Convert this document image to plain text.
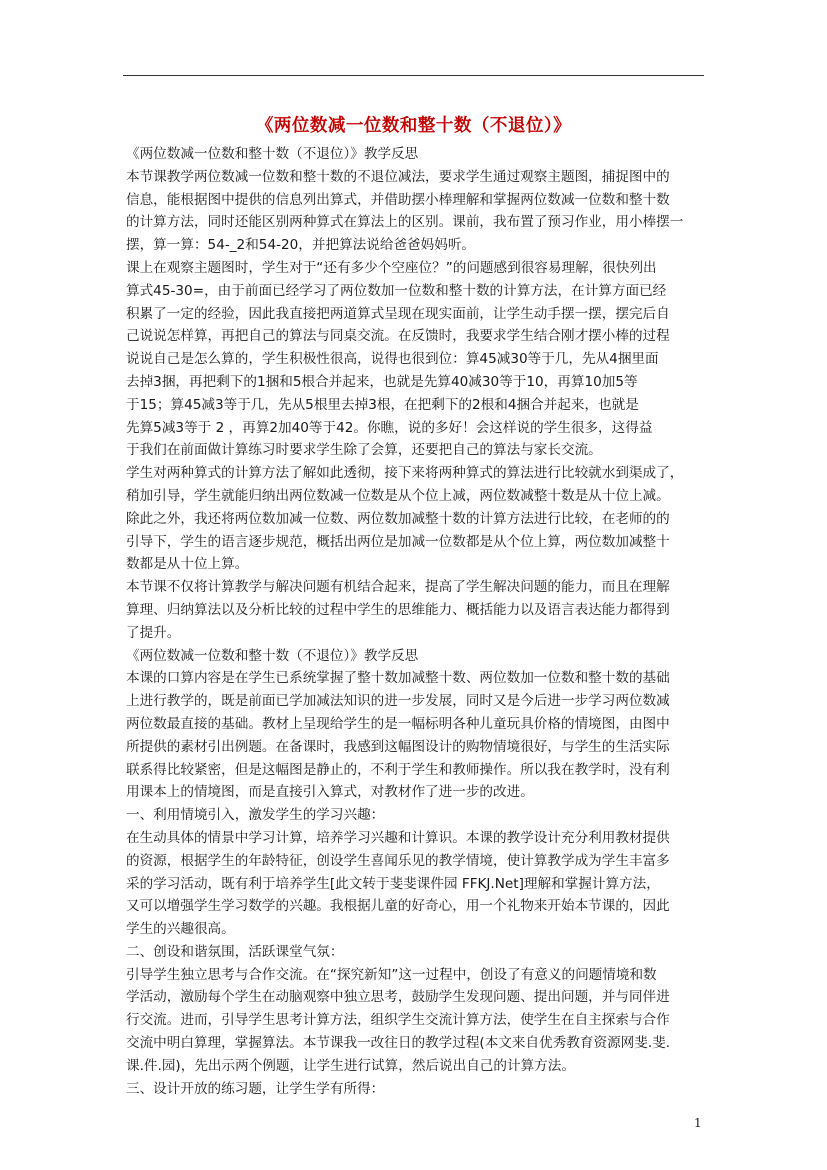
《两位数减一位数和整十数（不退位）》
《两位数减一位数和整十数（不退位）》教学反思
本节课教学两位数减一位数和整十数的不退位减法，要求学生通过观察主题图，捕捉图中的
信息，能根据图中提供的信息列出算式，并借助摆小棒理解和掌握两位数减一位数和整十数
的计算方法，同时还能区别两种算式在算法上的区别。课前，我布置了预习作业，用小棒摆一
摆，算一算：54-_2和54-20，并把算法说给爸爸妈妈听。
课上在观察主题图时，学生对于“还有多少个空座位？”的问题感到很容易理解，很快列出
算式45-30=，由于前面已经学习了两位数加一位数和整十数的计算方法，在计算方面已经
积累了一定的经验，因此我直接把两道算式呈现在现实面前，让学生动手摆一摆，摆完后自
己说说怎样算，再把自己的算法与同桌交流。在反馈时，我要求学生结合刚才摆小棒的过程
说说自己是怎么算的，学生积极性很高，说得也很到位：算45减30等于几，先从4捆里面
去掉3捆，再把剩下的1捆和5根合并起来，也就是先算40减30等于10，再算10加5等
于15；算45减3等于几，先从5根里去掉3根，在把剩下的2根和4捆合并起来，也就是
先算5减3等于 2 ，再算2加40等于42。你瞧，说的多好！会这样说的学生很多，这得益
于我们在前面做计算练习时要求学生除了会算，还要把自己的算法与家长交流。
学生对两种算式的计算方法了解如此透彻，接下来将两种算式的算法进行比较就水到渠成了，
稍加引导，学生就能归纳出两位数减一位数是从个位上减，两位数减整十数是从十位上减。
除此之外，我还将两位数加减一位数、两位数加减整十数的计算方法进行比较，在老师的的
引导下，学生的语言逐步规范，概括出两位是加减一位数都是从个位上算，两位数加减整十
数都是从十位上算。
本节课不仅将计算教学与解决问题有机结合起来，提高了学生解决问题的能力，而且在理解
算理、归纳算法以及分析比较的过程中学生的思维能力、概括能力以及语言表达能力都得到
了提升。
《两位数减一位数和整十数（不退位）》教学反思
本课的口算内容是在学生已系统掌握了整十数加减整十数、两位数加一位数和整十数的基础
上进行教学的，既是前面已学加减法知识的进一步发展，同时又是今后进一步学习两位数减
两位数最直接的基础。教材上呈现给学生的是一幅标明各种儿童玩具价格的情境图，由图中
所提供的素材引出例题。在备课时，我感到这幅图设计的购物情境很好，与学生的生活实际
联系得比较紧密，但是这幅图是静止的，不利于学生和教师操作。所以我在教学时，没有利
用课本上的情境图，而是直接引入算式，对教材作了进一步的改进。
一、利用情境引入，激发学生的学习兴趣：
在生动具体的情景中学习计算，培养学习兴趣和计算识。本课的教学设计充分利用教材提供
的资源，根据学生的年龄特征，创设学生喜闻乐见的教学情境，使计算教学成为学生丰富多
采的学习活动，既有利于培养学生[此文转于斐斐课件园 FFKJ.Net]理解和掌握计算方法，
又可以增强学生学习数学的兴趣。我根据儿童的好奇心，用一个礼物来开始本节课的，因此
学生的兴趣很高。
二、创设和谐氛围，活跃课堂气氛：
引导学生独立思考与合作交流。在“探究新知”这一过程中，创设了有意义的问题情境和数
学活动，激励每个学生在动脑观察中独立思考，鼓励学生发现问题、提出问题，并与同伴进
行交流。进而，引导学生思考计算方法，组织学生交流计算方法，使学生在自主探索与合作
交流中明白算理，掌握算法。本节课我一改往日的教学过程(本文来自优秀教育资源网斐.斐.
课.件.园)，先出示两个例题，让学生进行试算，然后说出自己的计算方法。
三、设计开放的练习题，让学生学有所得：
1
